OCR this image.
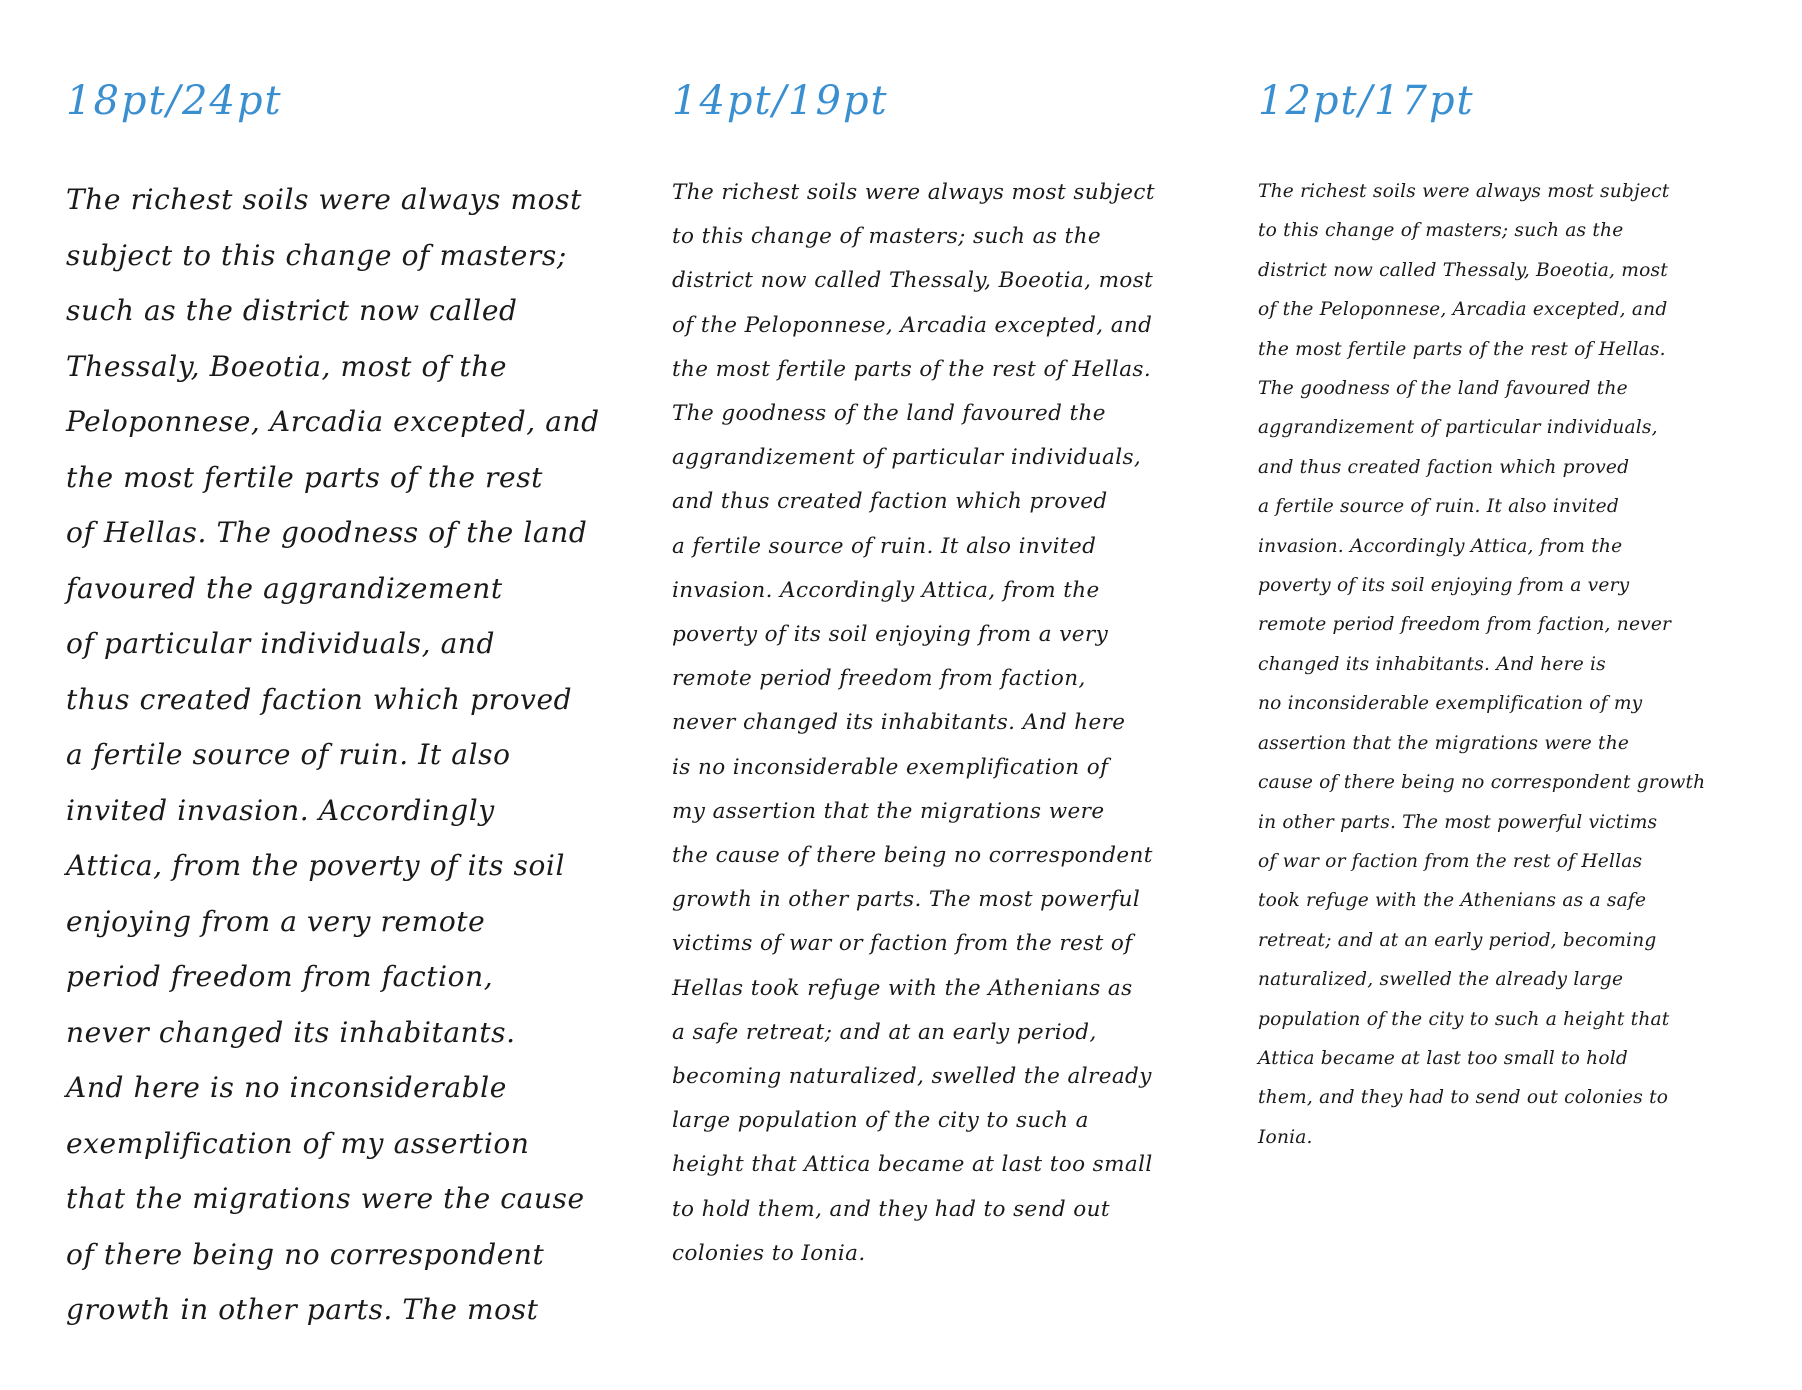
18pt/24pt
The richest soils were always most
subject to this change of masters;
such as the district now called
Thessaly, Boeotia, most of the
Peloponnese, Arcadia excepted, and
the most fertile parts of the rest
of Hellas. The goodness of the land
favoured the aggrandizement
of particular individuals, and
thus created faction which proved
a fertile source of ruin. It also
invited invasion. Accordingly
Attica, from the poverty of its soil
enjoying from a very remote
period freedom from faction,
never changed its inhabitants.
And here is no inconsiderable
exemplification of my assertion
that the migrations were the cause
of there being no correspondent
growth in other parts. The most
14pt/19pt
The richest soils were always most subject
to this change of masters; such as the
district now called Thessaly, Boeotia, most
of the Peloponnese, Arcadia excepted, and
the most fertile parts of the rest of Hellas.
The goodness of the land favoured the
aggrandizement of particular individuals,
and thus created faction which proved
a fertile source of ruin. It also invited
invasion. Accordingly Attica, from the
poverty of its soil enjoying from a very
remote period freedom from faction,
never changed its inhabitants. And here
is no inconsiderable exemplification of
my assertion that the migrations were
the cause of there being no correspondent
growth in other parts. The most powerful
victims of war or faction from the rest of
Hellas took refuge with the Athenians as
a safe retreat; and at an early period,
becoming naturalized, swelled the already
large population of the city to such a
height that Attica became at last too small
to hold them, and they had to send out
colonies to Ionia.
12pt/17pt
The richest soils were always most subject
to this change of masters; such as the
district now called Thessaly, Boeotia, most
of the Peloponnese, Arcadia excepted, and
the most fertile parts of the rest of Hellas.
The goodness of the land favoured the
aggrandizement of particular individuals,
and thus created faction which proved
a fertile source of ruin. It also invited
invasion. Accordingly Attica, from the
poverty of its soil enjoying from a very
remote period freedom from faction, never
changed its inhabitants. And here is
no inconsiderable exemplification of my
assertion that the migrations were the
cause of there being no correspondent growth
in other parts. The most powerful victims
of war or faction from the rest of Hellas
took refuge with the Athenians as a safe
retreat; and at an early period, becoming
naturalized, swelled the already large
population of the city to such a height that
Attica became at last too small to hold
them, and they had to send out colonies to
Ionia.
